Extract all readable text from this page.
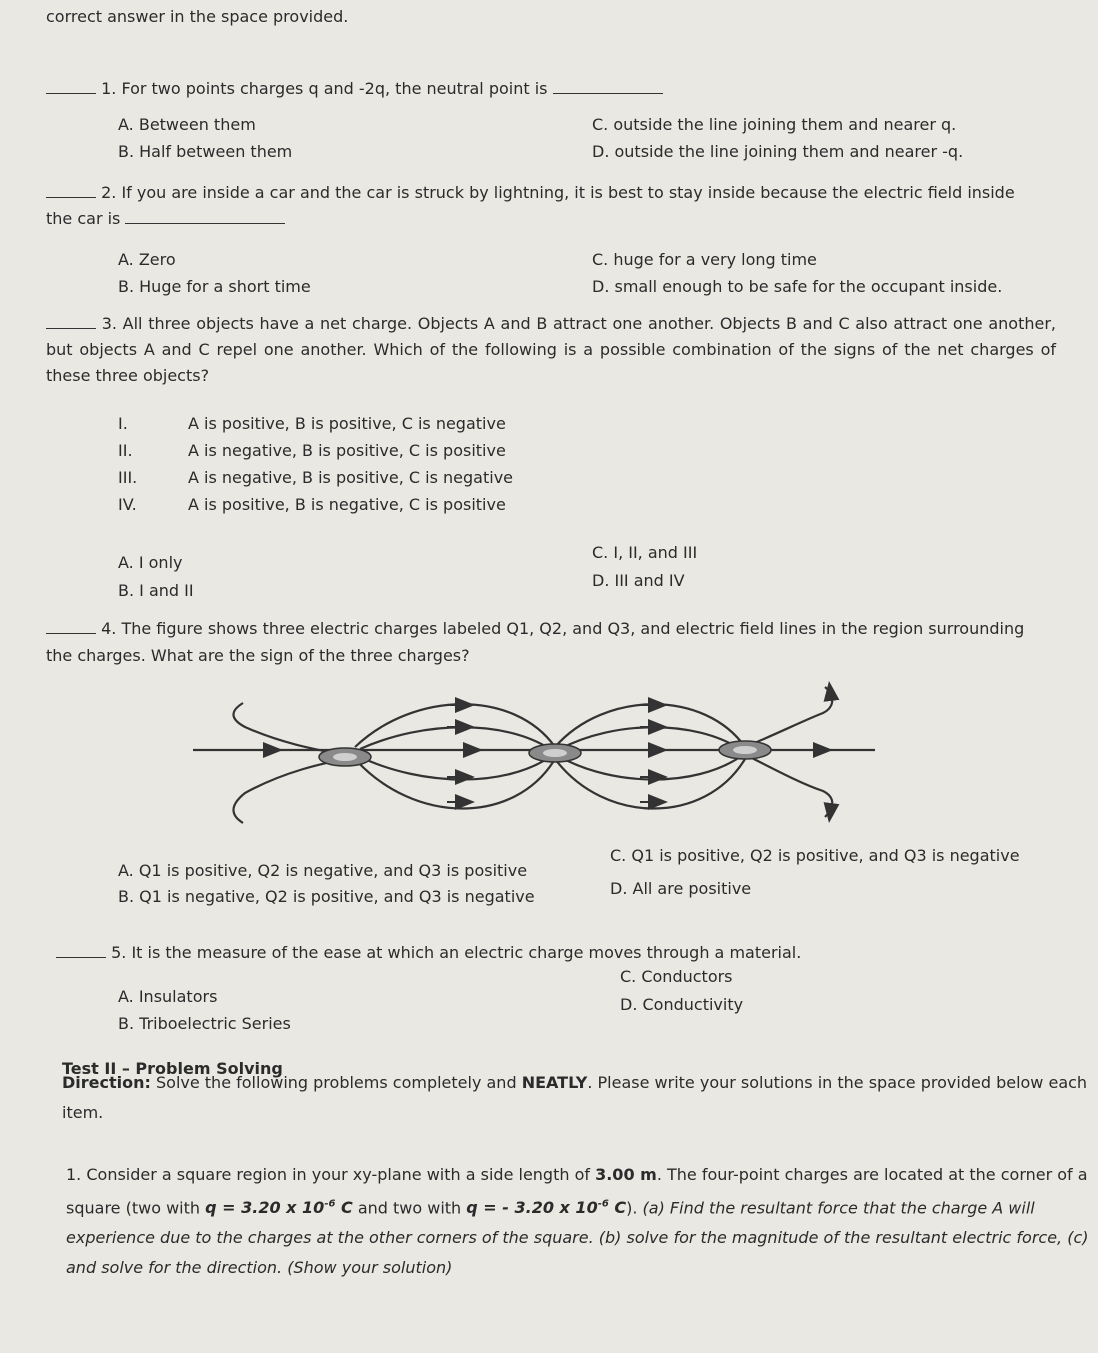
correct answer in the space provided.
1. For two points charges q and -2q, the neutral point is
A. Between them
B. Half between them
C. outside the line joining them and nearer q.
D. outside the line joining them and nearer -q.
2. If you are inside a car and the car is struck by lightning, it is best to stay inside because the electric field inside
the car is
A. Zero
B. Huge for a short time
C. huge for a very long time
D. small enough to be safe for the occupant inside.
3. All three objects have a net charge. Objects A and B attract one another. Objects B and C also attract one another, but objects A and C repel one another. Which of the following is a possible combination of the signs of the net charges of these three objects?
I.	A is positive, B is positive, C is negative
II.	A is negative, B is positive, C is positive
III.	A is negative, B is positive, C is negative
IV.	A is positive, B is negative, C is positive
A. I only
B. I and II
C. I, II, and III
D. III and IV
4. The figure shows three electric charges labeled Q1, Q2, and Q3, and electric field lines in the region surrounding
the charges. What are the sign of the three charges?
A. Q1 is positive, Q2 is negative, and Q3 is positive
B. Q1 is negative, Q2 is positive, and Q3 is negative
C. Q1 is positive, Q2 is positive, and Q3 is negative
D. All are positive
5. It is the measure of the ease at which an electric charge moves through a material.
A. Insulators
B. Triboelectric Series
C. Conductors
D. Conductivity
Test II – Problem Solving
Direction: Solve the following problems completely and NEATLY. Please write your solutions in the space provided below each item.
1. Consider a square region in your xy-plane with a side length of 3.00 m. The four-point charges are located at the corner of a square (two with q = 3.20 x $10^{-6}$ C and two with q = - 3.20 x $10^{-6}$ C). (a) Find the resultant force that the charge A will experience due to the charges at the other corners of the square. (b) solve for the magnitude of the resultant electric force, (c) and solve for the direction. (Show your solution)
